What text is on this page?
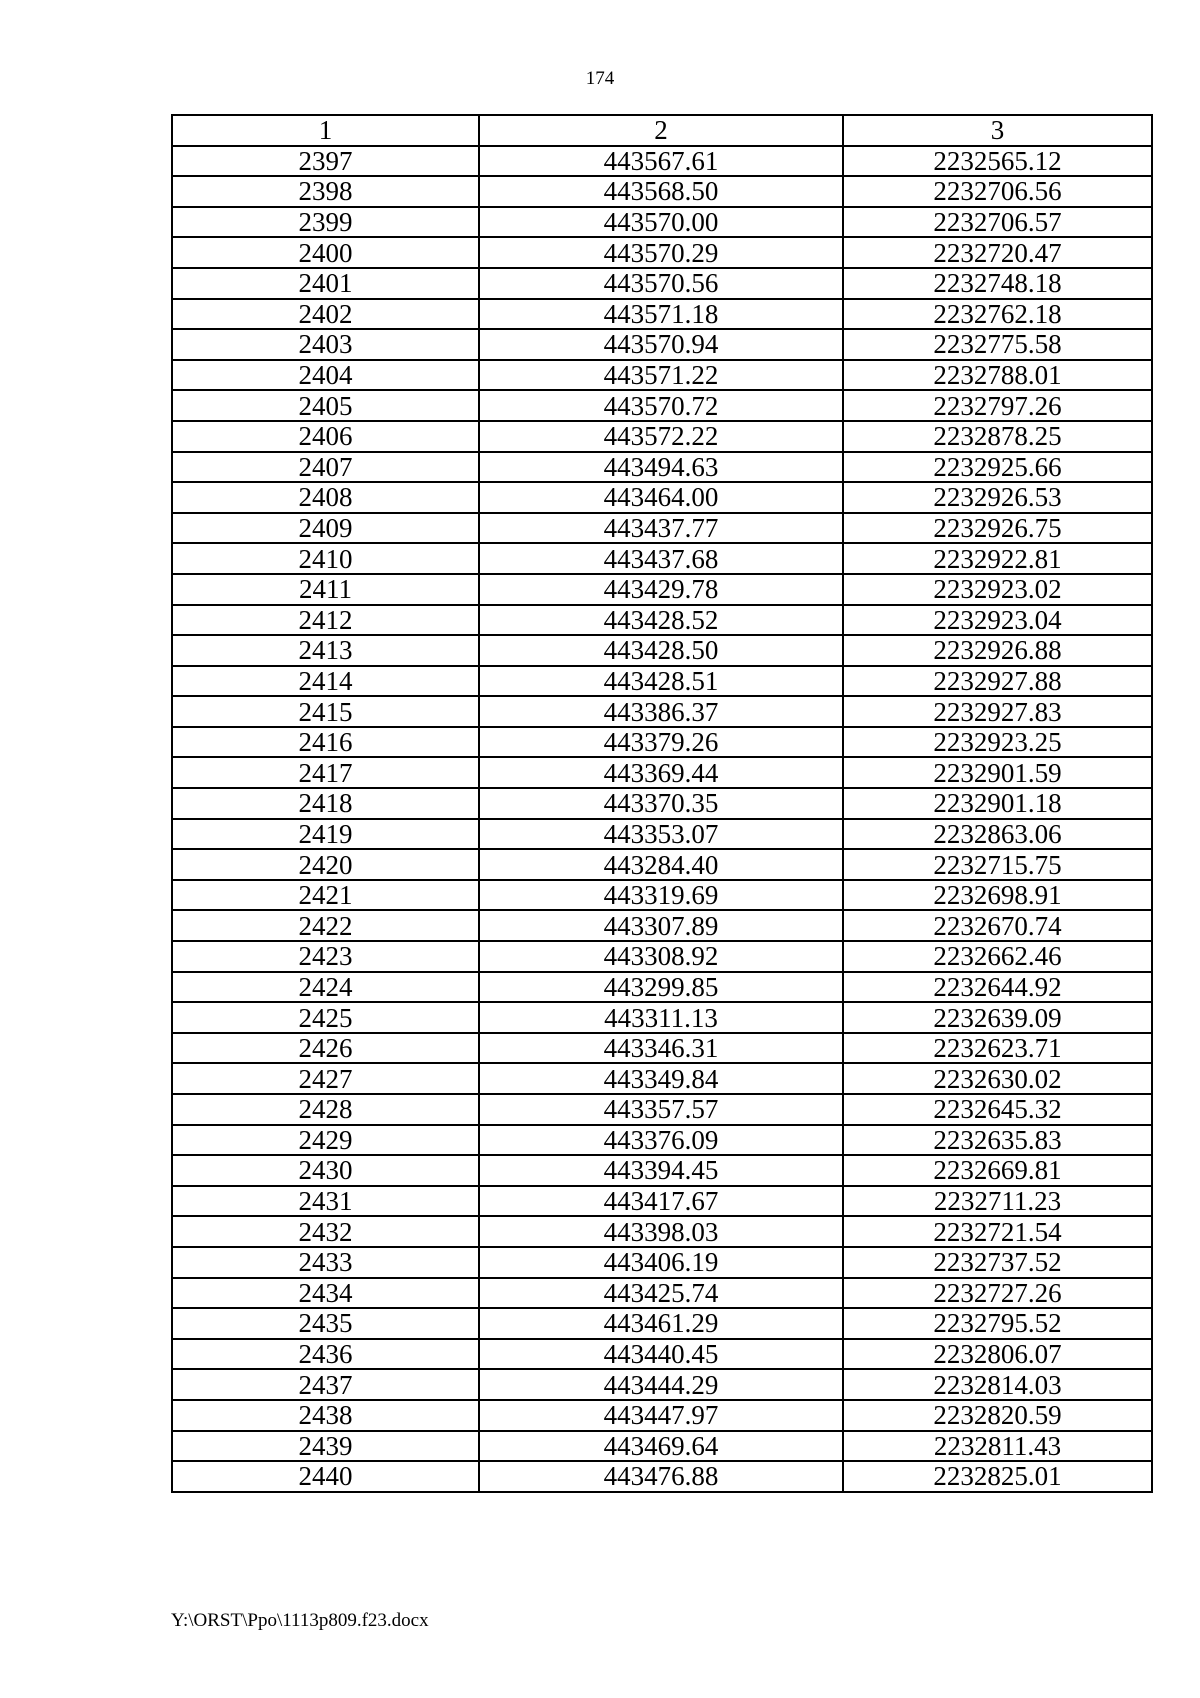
174
1	2	3
2397	443567.61	2232565.12
2398	443568.50	2232706.56
2399	443570.00	2232706.57
2400	443570.29	2232720.47
2401	443570.56	2232748.18
2402	443571.18	2232762.18
2403	443570.94	2232775.58
2404	443571.22	2232788.01
2405	443570.72	2232797.26
2406	443572.22	2232878.25
2407	443494.63	2232925.66
2408	443464.00	2232926.53
2409	443437.77	2232926.75
2410	443437.68	2232922.81
2411	443429.78	2232923.02
2412	443428.52	2232923.04
2413	443428.50	2232926.88
2414	443428.51	2232927.88
2415	443386.37	2232927.83
2416	443379.26	2232923.25
2417	443369.44	2232901.59
2418	443370.35	2232901.18
2419	443353.07	2232863.06
2420	443284.40	2232715.75
2421	443319.69	2232698.91
2422	443307.89	2232670.74
2423	443308.92	2232662.46
2424	443299.85	2232644.92
2425	443311.13	2232639.09
2426	443346.31	2232623.71
2427	443349.84	2232630.02
2428	443357.57	2232645.32
2429	443376.09	2232635.83
2430	443394.45	2232669.81
2431	443417.67	2232711.23
2432	443398.03	2232721.54
2433	443406.19	2232737.52
2434	443425.74	2232727.26
2435	443461.29	2232795.52
2436	443440.45	2232806.07
2437	443444.29	2232814.03
2438	443447.97	2232820.59
2439	443469.64	2232811.43
2440	443476.88	2232825.01
Y:\ORST\Ppo\1113p809.f23.docx
